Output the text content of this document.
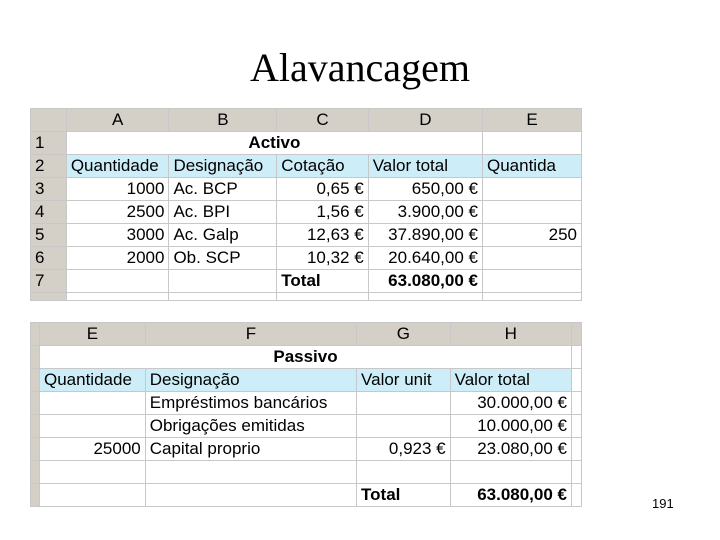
Alavancagem
	A	B	C	D	E
1	Activo				
2	Quantidade	Designação	Cotação	Valor total	Quantida
3	1000	Ac. BCP	0,65 €	650,00 €	
4	2500	Ac. BPI	1,56 €	3.900,00 €	
5	3000	Ac. Galp	12,63 €	37.890,00 €	250
6	2000	Ob. SCP	10,32 €	20.640,00 €	
7			Total	63.080,00 €	

	E	F	G	H	
	Passivo				
	Quantidade	Designação	Valor unit	Valor total	
		Empréstimos bancários		30.000,00 €	
		Obrigações emitidas		10.000,00 €	
	25000	Capital proprio	0,923 €	23.080,00 €	

			Total	63.080,00 €		191
